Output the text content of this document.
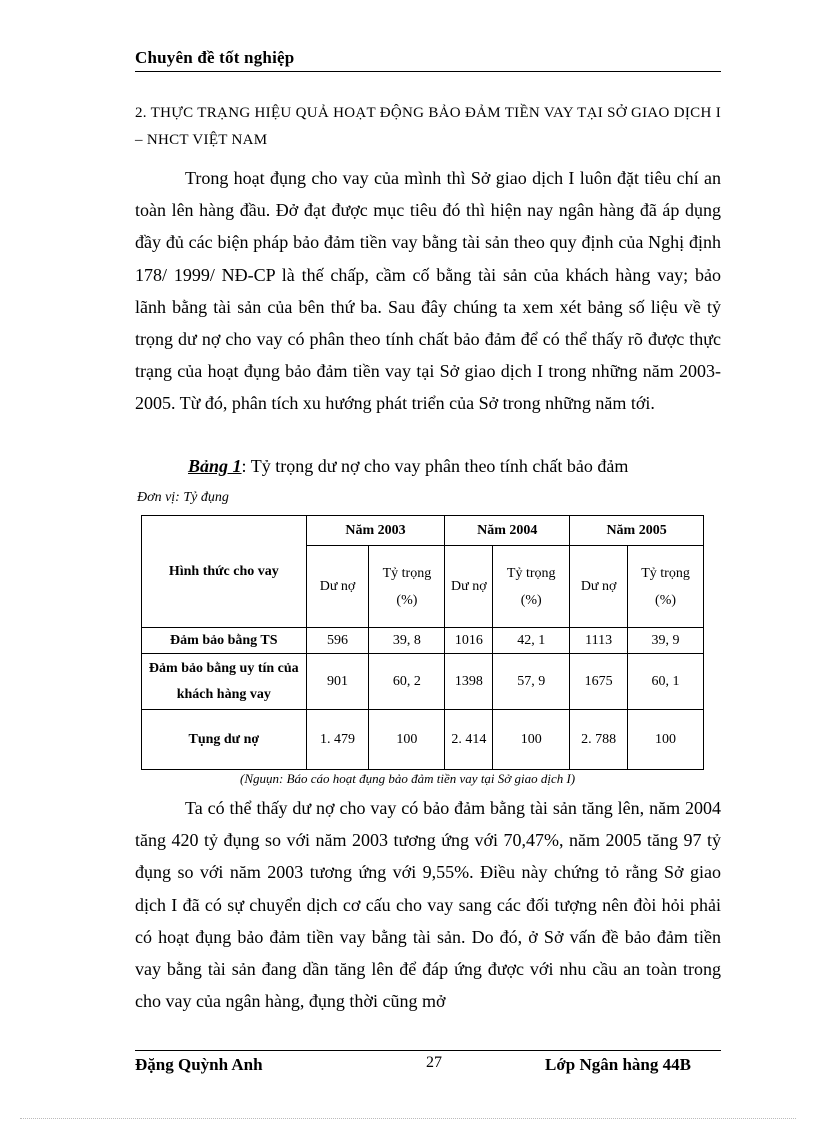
Chuyên đề tốt nghiệp
2. THỰC TRẠNG HIỆU QUẢ HOẠT ĐỘNG BẢO ĐẢM TIỀN VAY TẠI SỞ GIAO DỊCH I – NHCT VIỆT NAM

Trong hoạt đụng cho vay của mình thì Sở giao dịch I luôn đặt tiêu chí an toàn lên hàng đầu. Đở đạt được mục tiêu đó thì hiện nay ngân hàng đã áp dụng đầy đủ các biện pháp bảo đảm tiền vay bằng tài sản theo quy định của Nghị định 178/ 1999/ NĐ-CP là thế chấp, cầm cố bằng tài sản của khách hàng vay; bảo lãnh bằng tài sản của bên thứ ba. Sau đây chúng ta xem xét bảng số liệu về tỷ trọng dư nợ cho vay có phân theo tính chất bảo đảm để có thể thấy rõ được thực trạng của hoạt đụng bảo đảm tiền vay tại Sở giao dịch I trong những năm 2003-2005. Từ đó, phân tích xu hướng phát triển của Sở trong những năm tới.

Bảng 1: Tỷ trọng dư nợ cho vay phân theo tính chất bảo đảm
Đơn vị: Tỷ đụng
Hình thức cho vay	Năm 2003		Năm 2004		Năm 2005	
	Dư nợ	Tỷ trọng (%)	Dư nợ	Tỷ trọng (%)	Dư nợ	Tỷ trọng (%)
Đảm bảo bằng TS	596	39, 8	1016	42, 1	1113	39, 9
Đảm bảo bằng uy tín của khách hàng vay	901	60, 2	1398	57, 9	1675	60, 1
Tụng dư nợ	1. 479	100	2. 414	100	2. 788	100
(Nguụn: Báo cáo hoạt đụng bảo đảm tiền vay tại Sở giao dịch I)

Ta có thể thấy dư nợ cho vay có bảo đảm bằng tài sản tăng lên, năm 2004 tăng 420 tỷ đụng so với năm 2003 tương ứng với 70,47%, năm 2005 tăng 97 tỷ đụng so với năm 2003 tương ứng với 9,55%. Điều này chứng tỏ rằng Sở giao dịch I đã có sự chuyển dịch cơ cấu cho vay sang các đối tượng nên đòi hỏi phải có hoạt đụng bảo đảm tiền vay bằng tài sản. Do đó, ở Sở vấn đề bảo đảm tiền vay bằng tài sản đang dần tăng lên để đáp ứng được với nhu cầu an toàn trong cho vay của ngân hàng, đụng thời cũng mở

Đặng Quỳnh Anh	27	Lớp Ngân hàng 44B
